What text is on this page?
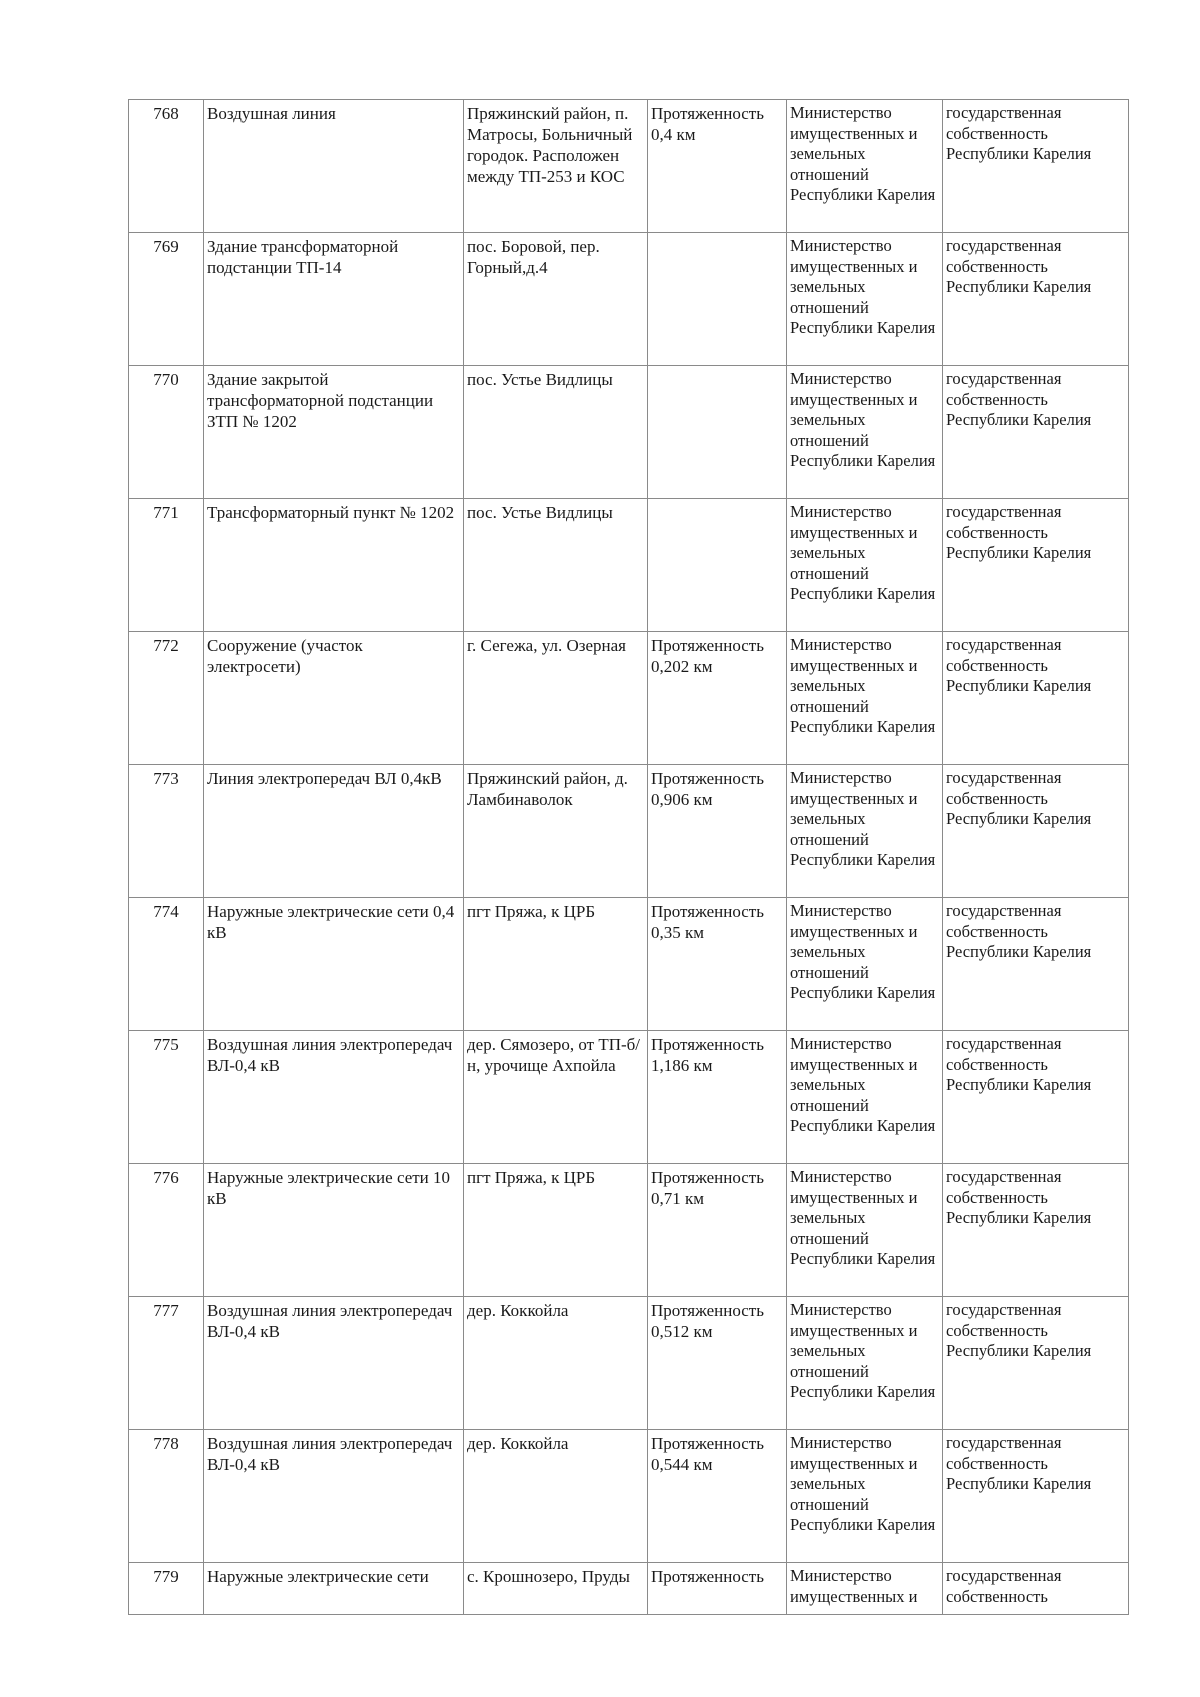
768	Воздушная линия	Пряжинский район, п. Матросы, Больничный городок. Расположен между ТП-253 и КОС	Протяженность 0,4 км	Министерство имущественных и земельных отношений Республики Карелия	государственная собственность Республики Карелия
769	Здание трансформаторной подстанции ТП-14	пос. Боровой, пер. Горный,д.4		Министерство имущественных и земельных отношений Республики Карелия	государственная собственность Республики Карелия
770	Здание закрытой трансформаторной подстанции ЗТП № 1202	пос. Устье Видлицы		Министерство имущественных и земельных отношений Республики Карелия	государственная собственность Республики Карелия
771	Трансформаторный пункт № 1202	пос. Устье Видлицы		Министерство имущественных и земельных отношений Республики Карелия	государственная собственность Республики Карелия
772	Сооружение (участок электросети)	г. Сегежа, ул. Озерная	Протяженность 0,202 км	Министерство имущественных и земельных отношений Республики Карелия	государственная собственность Республики Карелия
773	Линия электропередач ВЛ 0,4кВ	Пряжинский район, д. Ламбинаволок	Протяженность 0,906 км	Министерство имущественных и земельных отношений Республики Карелия	государственная собственность Республики Карелия
774	Наружные электрические сети 0,4 кВ	пгт Пряжа, к ЦРБ	Протяженность 0,35 км	Министерство имущественных и земельных отношений Республики Карелия	государственная собственность Республики Карелия
775	Воздушная линия электропередач ВЛ-0,4 кВ	дер. Сямозеро, от ТП-б/н, урочище Ахпойла	Протяженность 1,186 км	Министерство имущественных и земельных отношений Республики Карелия	государственная собственность Республики Карелия
776	Наружные электрические сети 10 кВ	пгт Пряжа, к ЦРБ	Протяженность 0,71 км	Министерство имущественных и земельных отношений Республики Карелия	государственная собственность Республики Карелия
777	Воздушная линия электропередач ВЛ-0,4 кВ	дер. Коккойла	Протяженность 0,512 км	Министерство имущественных и земельных отношений Республики Карелия	государственная собственность Республики Карелия
778	Воздушная линия электропередач ВЛ-0,4 кВ	дер. Коккойла	Протяженность 0,544 км	Министерство имущественных и земельных отношений Республики Карелия	государственная собственность Республики Карелия
779	Наружные электрические сети	с. Крошнозеро, Пруды	Протяженность	Министерство имущественных и	государственная собственность
